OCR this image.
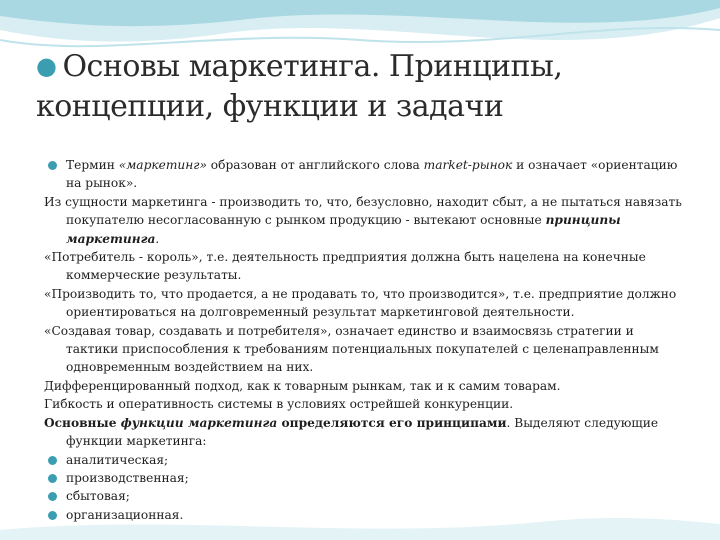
● Основы маркетинга. Принципы,
концепции, функции и задачи

Термин «маркетинг» образован от английского слова market-рынок и означает «ориентацию на рынок».

Из сущности маркетинга - производить то, что, безусловно, находит сбыт, а не пытаться навязать покупателю несогласованную с рынком продукцию - вытекают основные принципы маркетинга.

«Потребитель - король», т.е. деятельность предприятия должна быть нацелена на конечные коммерческие результаты.

«Производить то, что продается, а не продавать то, что производится», т.е. предприятие должно ориентироваться на долговременный результат маркетинговой деятельности.

«Создавая товар, создавать и потребителя», означает единство и взаимосвязь стратегии и тактики приспособления к требованиям потенциальных покупателей с целенаправленным одновременным воздействием на них.

Дифференцированный подход, как к товарным рынкам, так и к самим товарам.

Гибкость и оперативность системы в условиях острейшей конкуренции.

Основные функции маркетинга определяются его принципами. Выделяют следующие функции маркетинга:

аналитическая;

производственная;

сбытовая;

организационная.
